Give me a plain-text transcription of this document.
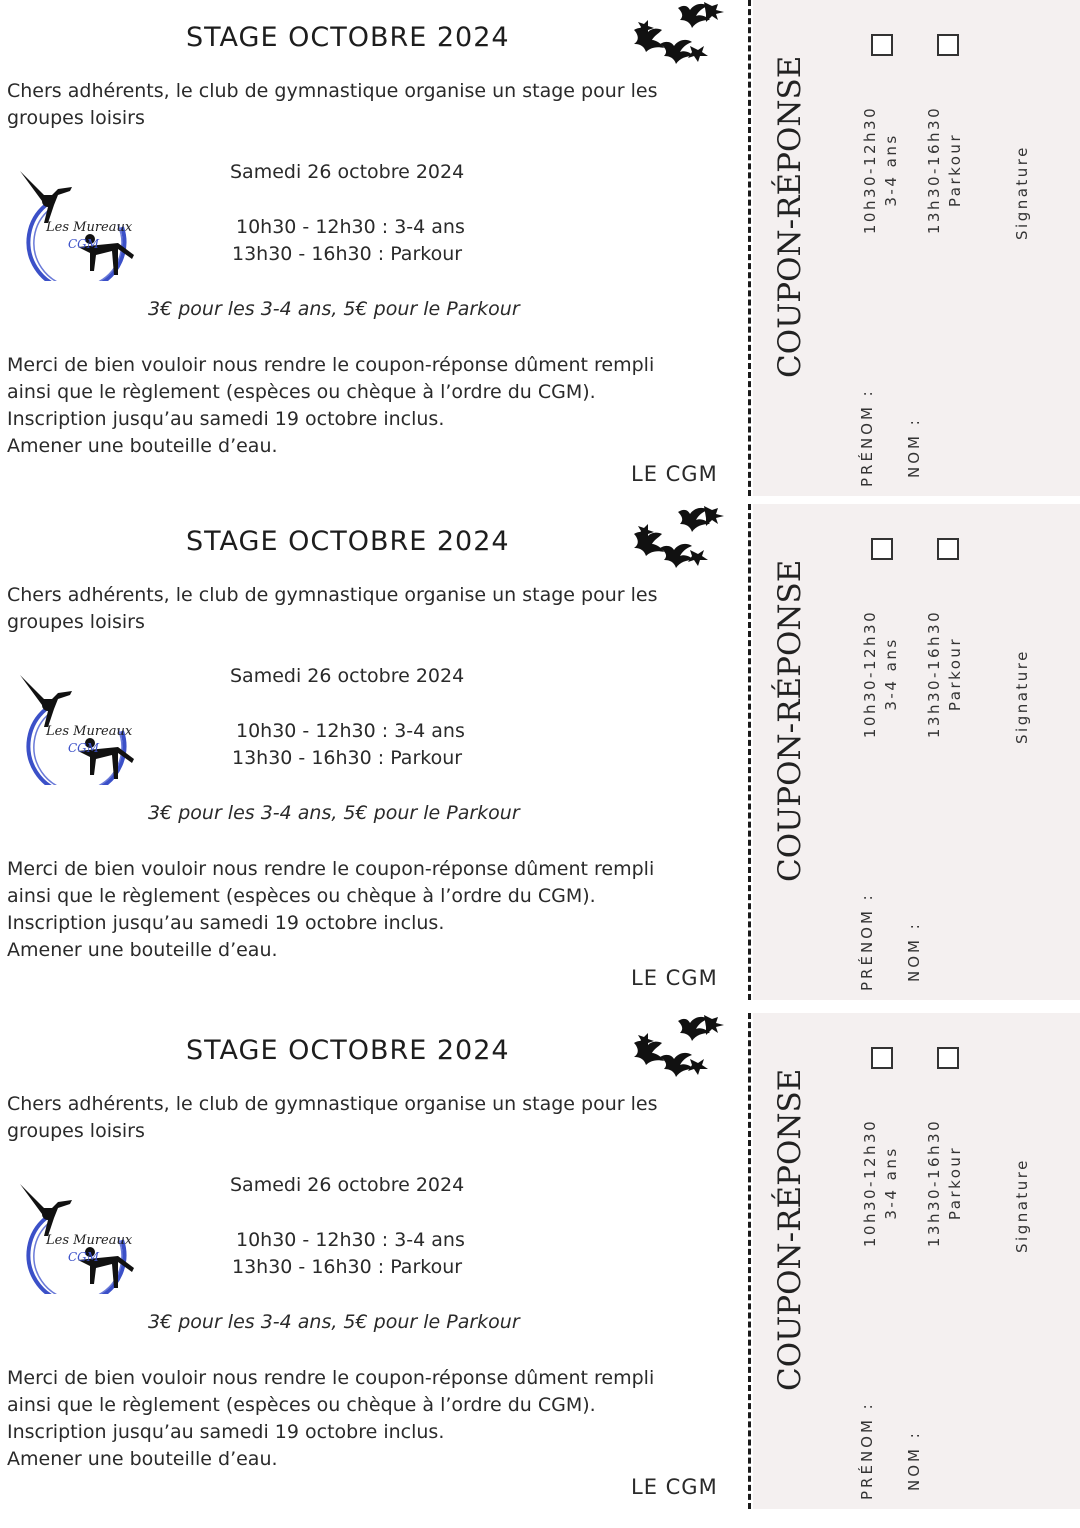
STAGE OCTOBRE 2024
Chers adhérents, le club de gymnastique organise un stage pour les groupes loisirs
Les Mureaux
CGM
Samedi 26 octobre 2024
10h30 - 12h30 : 3-4 ans
13h30 - 16h30 : Parkour
3€ pour les 3-4 ans, 5€ pour le Parkour
Merci de bien vouloir nous rendre le coupon-réponse dûment rempli
ainsi que le règlement (espèces ou chèque à l’ordre du CGM).
Inscription jusqu’au samedi 19 octobre inclus.
Amener une bouteille d’eau.
LE CGM
COUPON-RÉPONSE	10h30-12h30 3-4 ans 13h30-16h30 Parkour	Signature
PRÉNOM : NOM :
STAGE OCTOBRE 2024
Chers adhérents, le club de gymnastique organise un stage pour les groupes loisirs
Les Mureaux
CGM
Samedi 26 octobre 2024
10h30 - 12h30 : 3-4 ans
13h30 - 16h30 : Parkour
3€ pour les 3-4 ans, 5€ pour le Parkour
Merci de bien vouloir nous rendre le coupon-réponse dûment rempli
ainsi que le règlement (espèces ou chèque à l’ordre du CGM).
Inscription jusqu’au samedi 19 octobre inclus.
Amener une bouteille d’eau.
LE CGM
COUPON-RÉPONSE	10h30-12h30 3-4 ans 13h30-16h30 Parkour	Signature
PRÉNOM : NOM :
STAGE OCTOBRE 2024
Chers adhérents, le club de gymnastique organise un stage pour les groupes loisirs
Les Mureaux
CGM
Samedi 26 octobre 2024
10h30 - 12h30 : 3-4 ans
13h30 - 16h30 : Parkour
3€ pour les 3-4 ans, 5€ pour le Parkour
Merci de bien vouloir nous rendre le coupon-réponse dûment rempli
ainsi que le règlement (espèces ou chèque à l’ordre du CGM).
Inscription jusqu’au samedi 19 octobre inclus.
Amener une bouteille d’eau.
LE CGM
COUPON-RÉPONSE	10h30-12h30 3-4 ans 13h30-16h30 Parkour	Signature
PRÉNOM : NOM :
